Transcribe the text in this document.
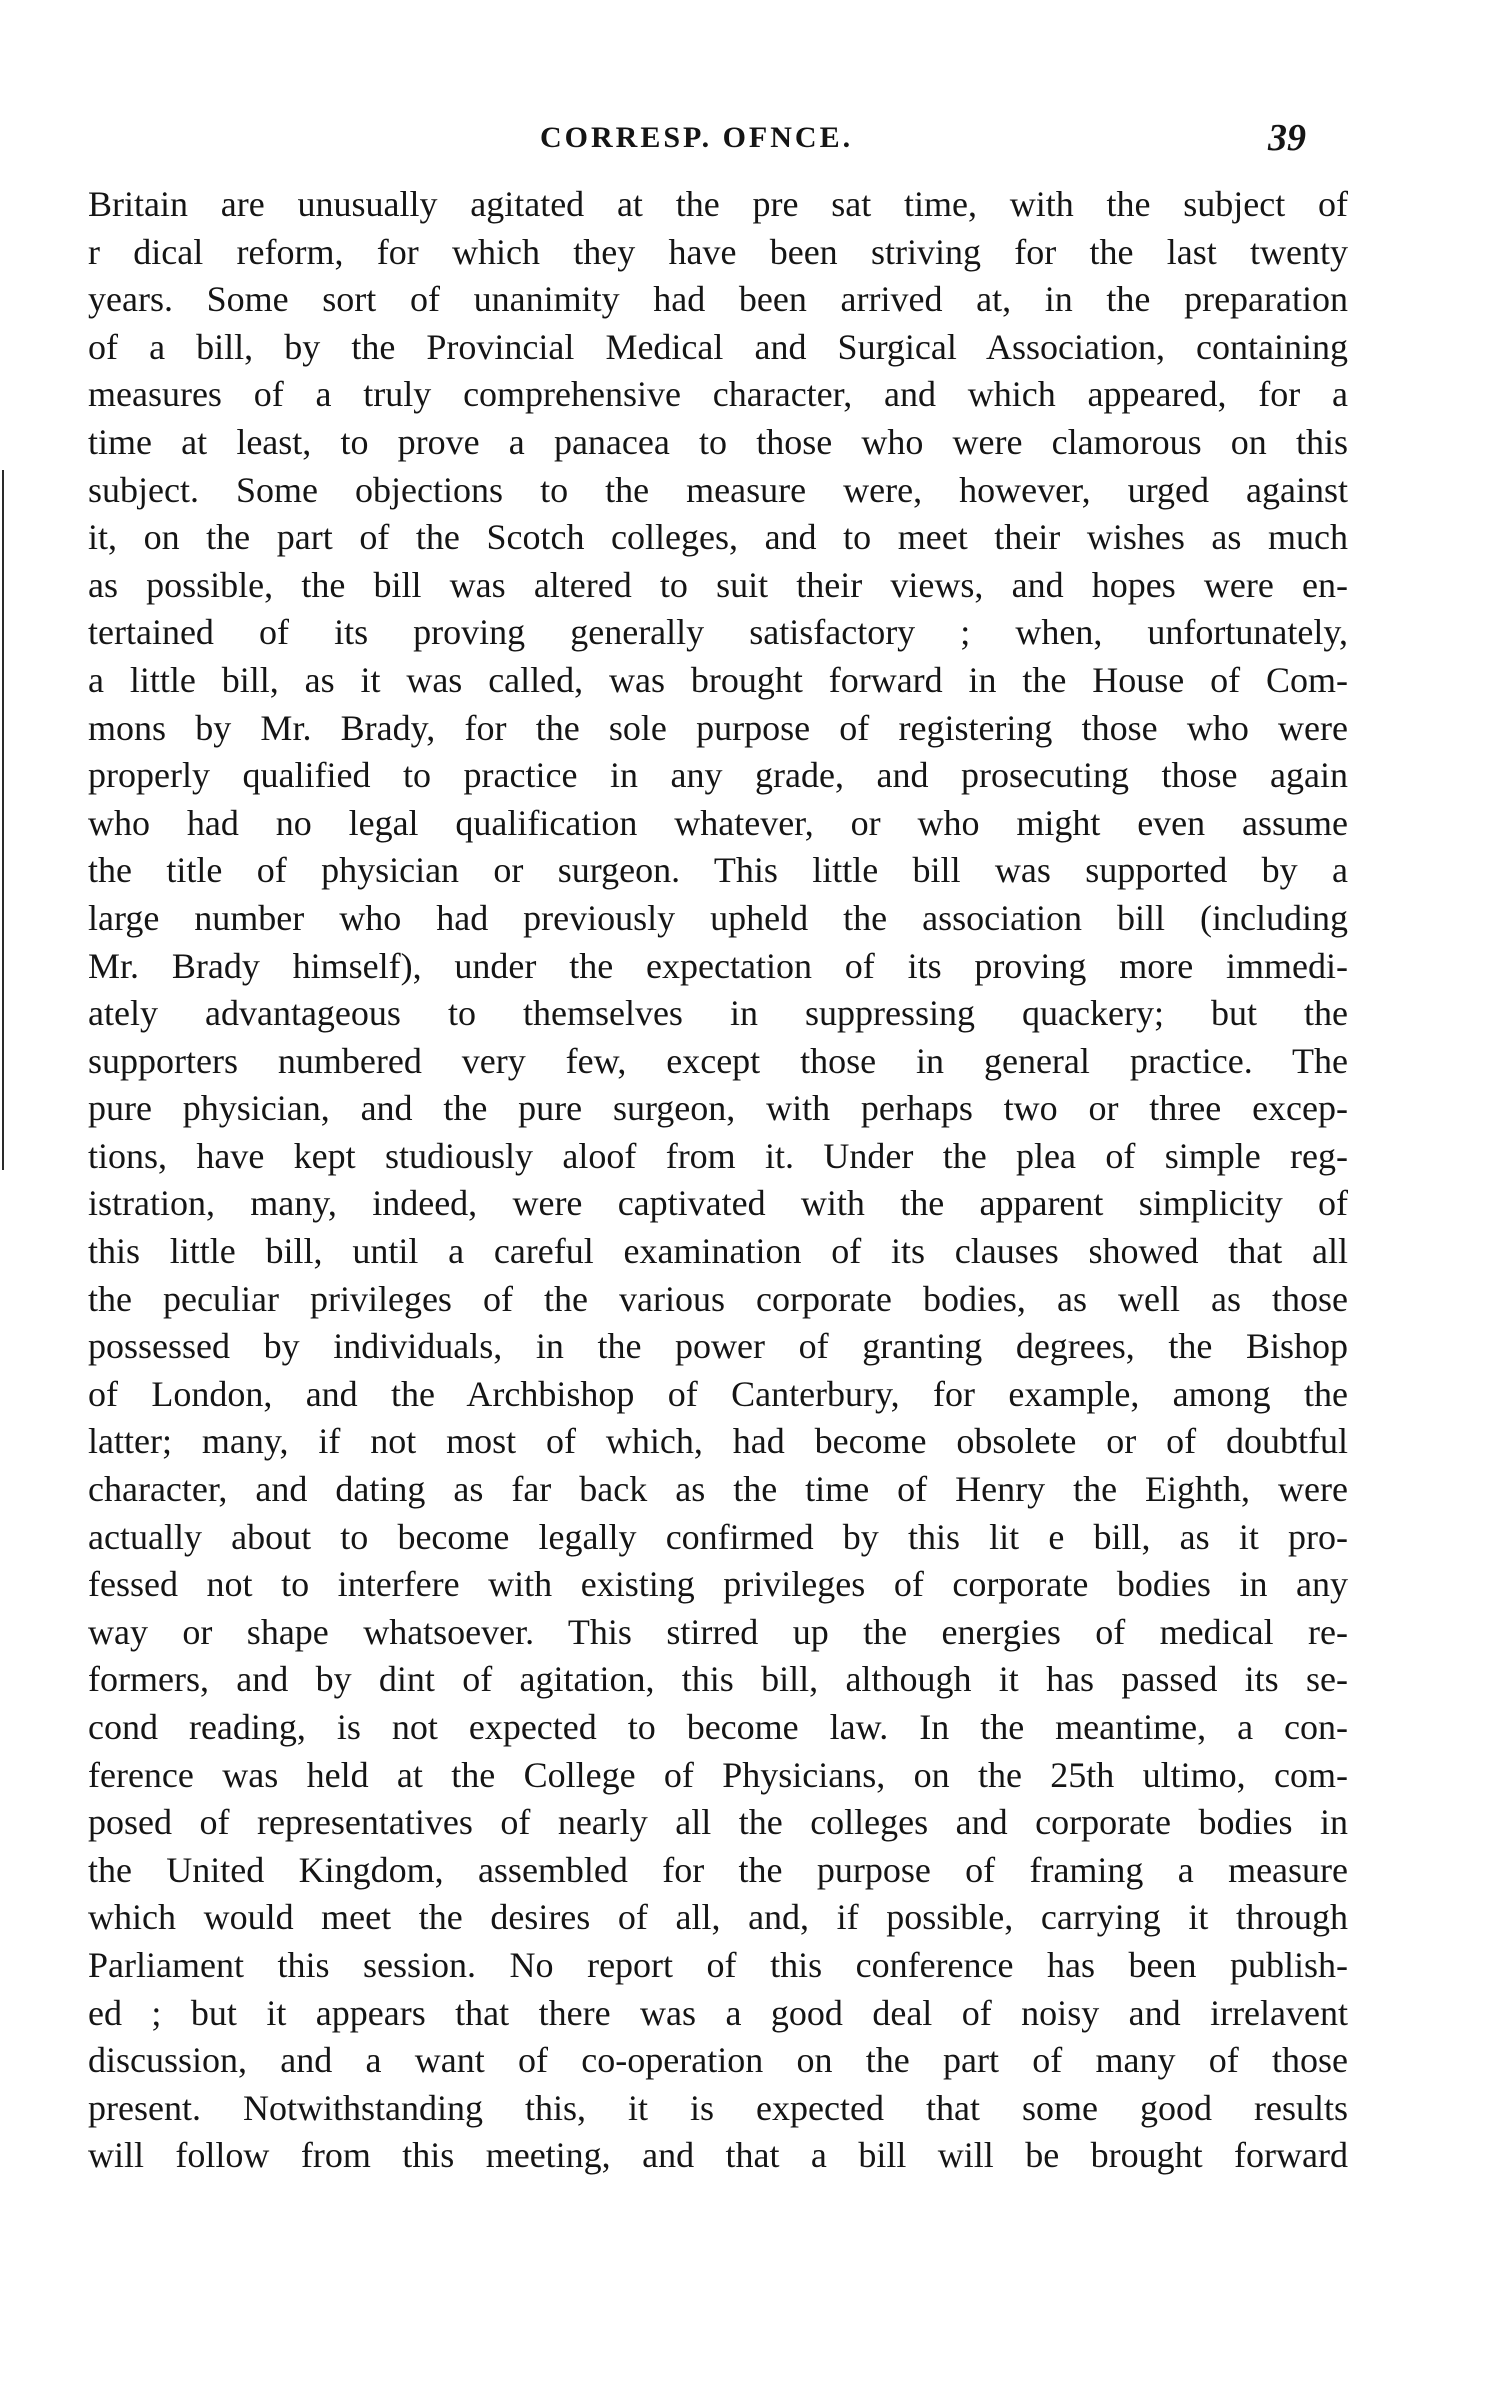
CORRESP. OFNCE.	39
Britain are unusually agitated at the pre sat time, with the subject of
r dical reform, for which they have been striving for the last twenty
years. Some sort of unanimity had been arrived at, in the preparation
of a bill, by the Provincial Medical and Surgical Association, containing
measures of a truly comprehensive character, and which appeared, for a
time at least, to prove a panacea to those who were clamorous on this
subject. Some objections to the measure were, however, urged against
it, on the part of the Scotch colleges, and to meet their wishes as much
as possible, the bill was altered to suit their views, and hopes were en-
tertained of its proving generally satisfactory ; when, unfortunately,
a little bill, as it was called, was brought forward in the House of Com-
mons by Mr. Brady, for the sole purpose of registering those who were
properly qualified to practice in any grade, and prosecuting those again
who had no legal qualification whatever, or who might even assume
the title of physician or surgeon. This little bill was supported by a
large number who had previously upheld the association bill (including
Mr. Brady himself), under the expectation of its proving more immedi-
ately advantageous to themselves in suppressing quackery; but the
supporters numbered very few, except those in general practice. The
pure physician, and the pure surgeon, with perhaps two or three excep-
tions, have kept studiously aloof from it. Under the plea of simple reg-
istration, many, indeed, were captivated with the apparent simplicity of
this little bill, until a careful examination of its clauses showed that all
the peculiar privileges of the various corporate bodies, as well as those
possessed by individuals, in the power of granting degrees, the Bishop
of London, and the Archbishop of Canterbury, for example, among the
latter; many, if not most of which, had become obsolete or of doubtful
character, and dating as far back as the time of Henry the Eighth, were
actually about to become legally confirmed by this lit e bill, as it pro-
fessed not to interfere with existing privileges of corporate bodies in any
way or shape whatsoever. This stirred up the energies of medical re-
formers, and by dint of agitation, this bill, although it has passed its se-
cond reading, is not expected to become law. In the meantime, a con-
ference was held at the College of Physicians, on the 25th ultimo, com-
posed of representatives of nearly all the colleges and corporate bodies in
the United Kingdom, assembled for the purpose of framing a measure
which would meet the desires of all, and, if possible, carrying it through
Parliament this session. No report of this conference has been publish-
ed ; but it appears that there was a good deal of noisy and irrelavent
discussion, and a want of co-operation on the part of many of those
present. Notwithstanding this, it is expected that some good results
will follow from this meeting, and that a bill will be brought forward
